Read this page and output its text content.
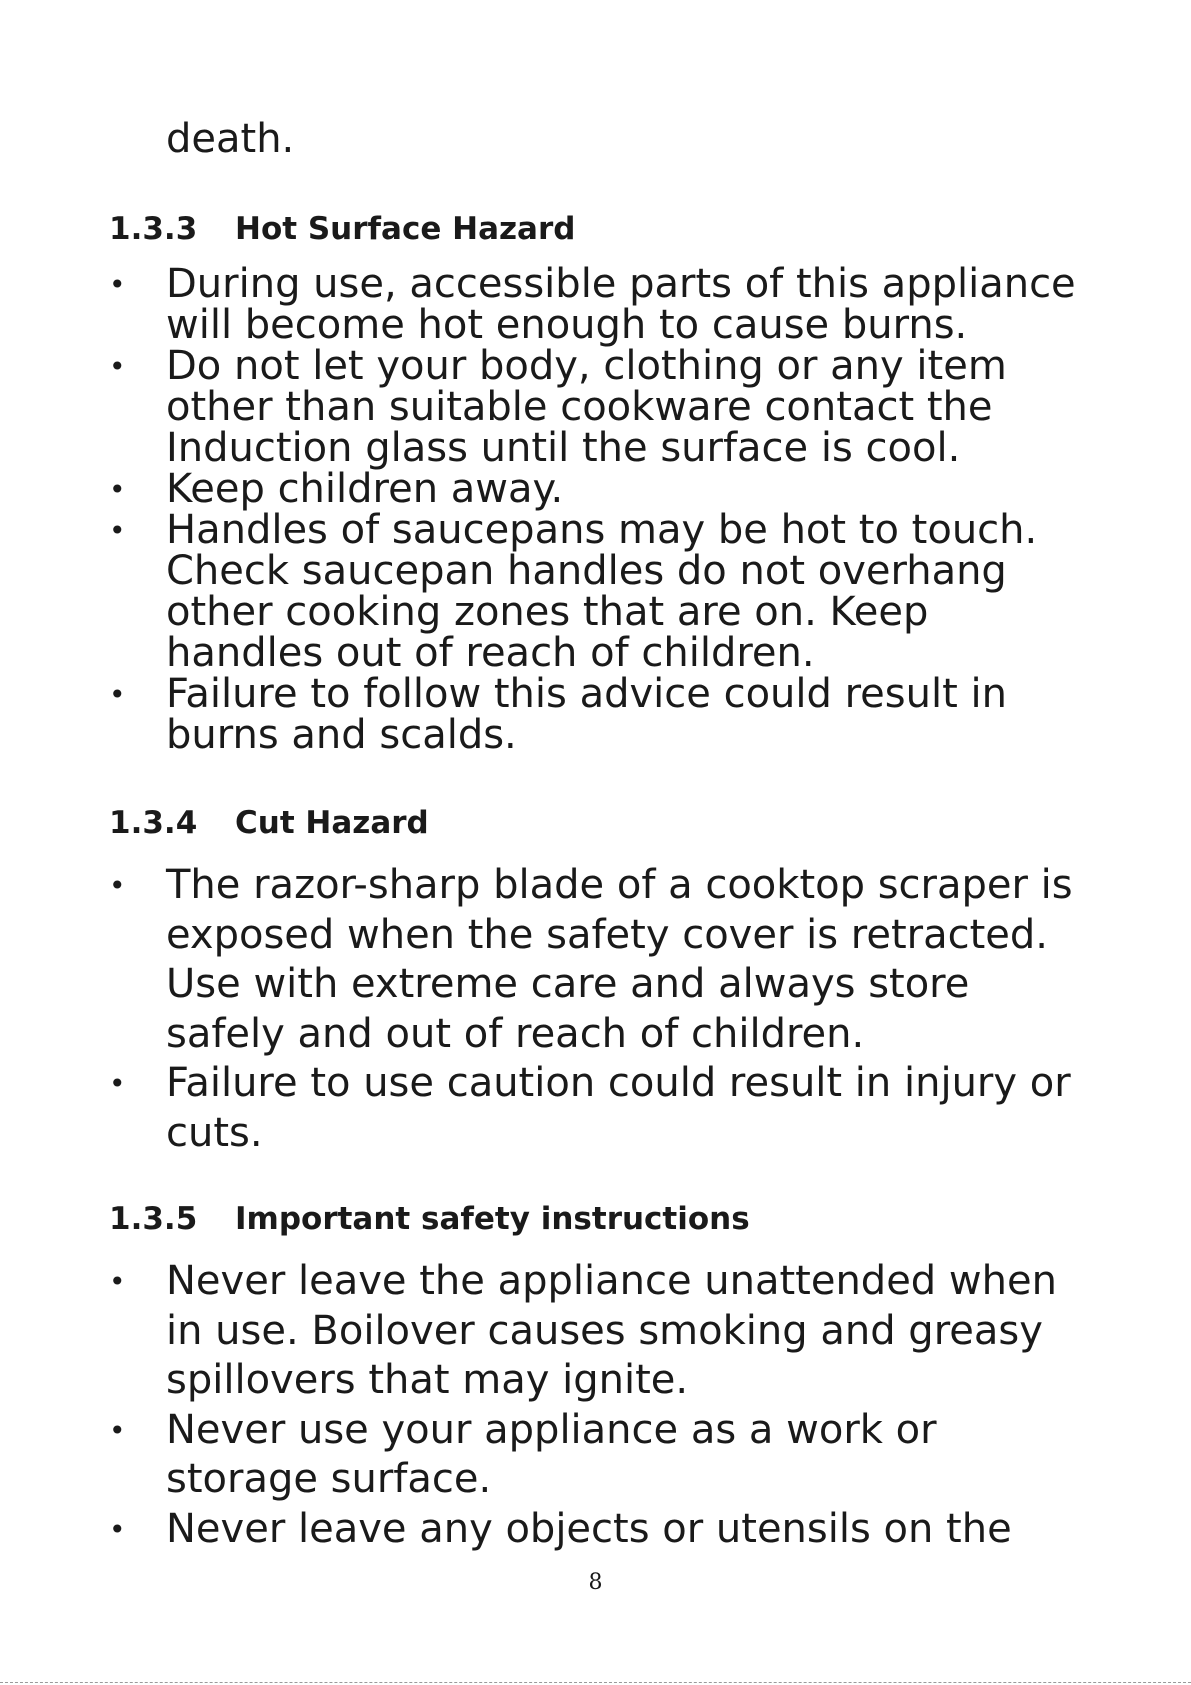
death.

1.3.3 Hot Surface Hazard
• During use, accessible parts of this appliance
will become hot enough to cause burns.
• Do not let your body, clothing or any item
other than suitable cookware contact the
Induction glass until the surface is cool.
• Keep children away.
• Handles of saucepans may be hot to touch.
Check saucepan handles do not overhang
other cooking zones that are on. Keep
handles out of reach of children.
• Failure to follow this advice could result in
burns and scalds.
1.3.4 Cut Hazard
• The razor-sharp blade of a cooktop scraper is
exposed when the safety cover is retracted.
Use with extreme care and always store
safely and out of reach of children.
• Failure to use caution could result in injury or
cuts.
1.3.5 Important safety instructions
• Never leave the appliance unattended when
in use. Boilover causes smoking and greasy
spillovers that may ignite.
• Never use your appliance as a work or
storage surface.
• Never leave any objects or utensils on the
8
